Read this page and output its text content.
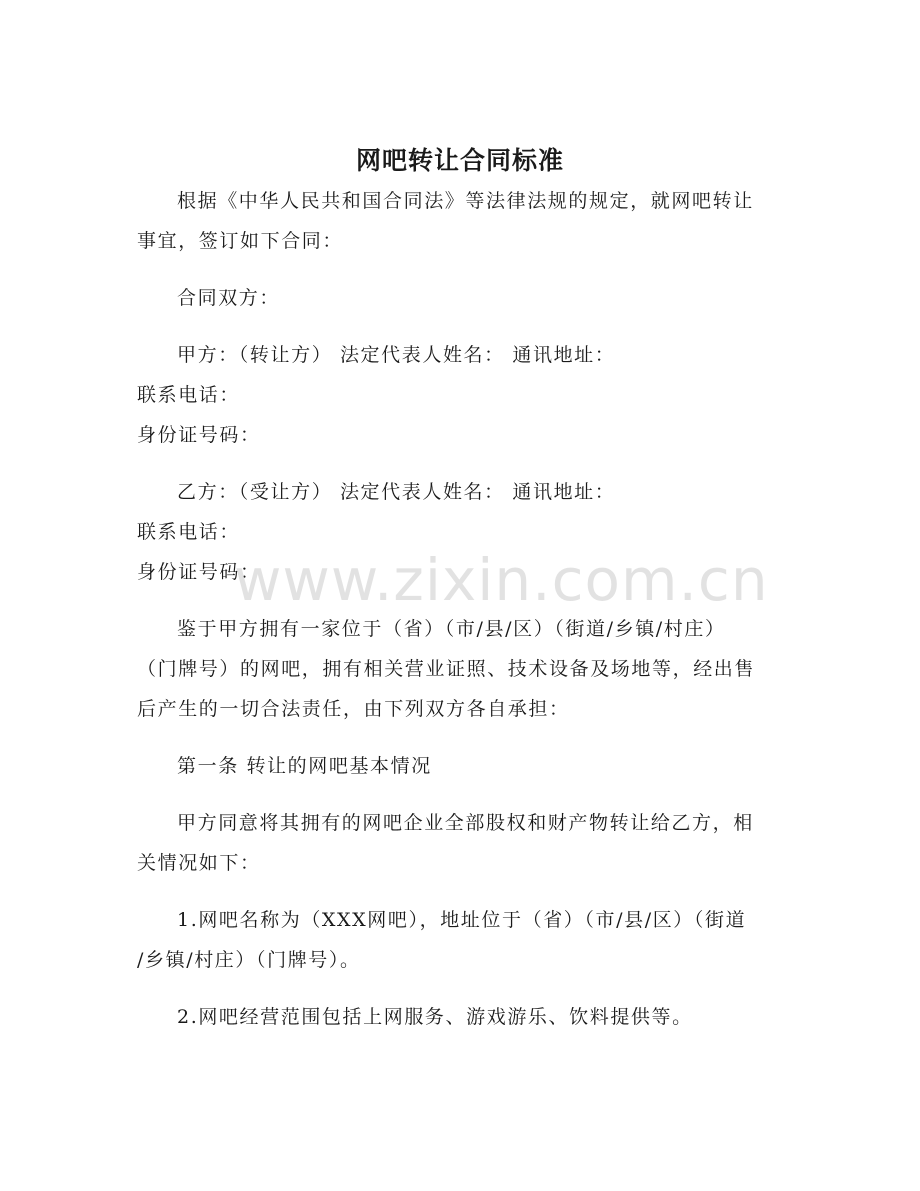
网吧转让合同标准
根据《中华人民共和国合同法》等法律法规的规定，就网吧转让
事宜，签订如下合同：
合同双方：
甲方：（转让方） 法定代表人姓名： 通讯地址：
联系电话：
身份证号码：
乙方：（受让方） 法定代表人姓名： 通讯地址：
联系电话：
身份证号码：
鉴于甲方拥有一家位于（省）（市/县/区）（街道/乡镇/村庄）
（门牌号）的网吧，拥有相关营业证照、技术设备及场地等，经出售
后产生的一切合法责任，由下列双方各自承担：
第一条 转让的网吧基本情况
甲方同意将其拥有的网吧企业全部股权和财产物转让给乙方，相
关情况如下：
1.网吧名称为（XXX网吧），地址位于（省）（市/县/区）（街道
/乡镇/村庄）（门牌号）。
2.网吧经营范围包括上网服务、游戏游乐、饮料提供等。
www.zixin.com.cn
